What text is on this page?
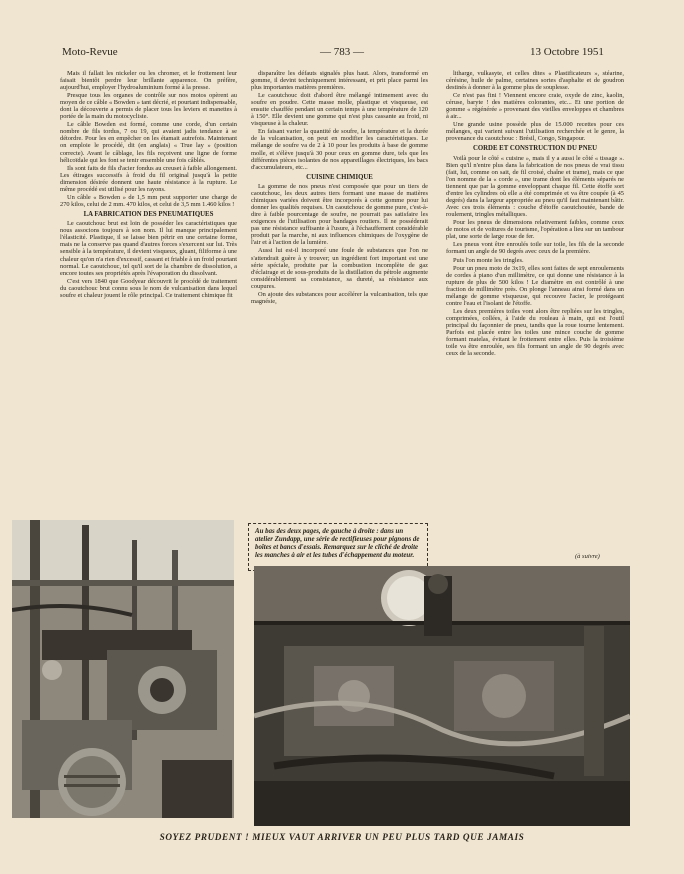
Moto-Revue	— 783 —	13 Octobre 1951

Mais il fallait les nickeler ou les chromer, et le frottement leur faisait bientôt perdre leur brillante apparence. On préfère, aujourd'hui, employer l'hydroaluminium formé à la presse.

Presque tous les organes de contrôle sur nos motos opèrent au moyen de ce câble « Bowden » tant décrié, et pourtant indispensable, dont la découverte a permis de placer tous les leviers et manettes à portée de la main du motocycliste.

Le câble Bowden est formé, comme une corde, d'un certain nombre de fils tordus, 7 ou 19, qui avaient jadis tendance à se détordre. Pour les en empêcher on les étamait autrefois. Maintenant on emploie le procédé, dit (en anglais) « True lay » (position correcte). Avant le câblage, les fils reçoivent une ligne de forme hélicoïdale qui les font se tenir ensemble une fois câblés.

Ils sont faits de fils d'acier fondus au creuset à faible allongement. Les étirages successifs à froid du fil original jusqu'à la petite dimension désirée donnent une haute résistance à la rupture. Le même procédé est utilisé pour les rayons.

Un câble « Bowden » de 1,5 mm peut supporter une charge de 270 kilos, celui de 2 mm. 470 kilos, et celui de 3,5 mm 1.460 kilos !

LA FABRICATION DES PNEUMATIQUES

Le caoutchouc brut est loin de posséder les caractéristiques que nous associons toujours à son nom. Il lui manque principalement l'élasticité. Plastique, il se laisse bien pétrir en une certaine forme, mais ne la conserve pas quand d'autres forces s'exercent sur lui. Très sensible à la température, il devient visqueux, gluant, filiforme à une chaleur qu'on n'a rien d'excessif, cassant et friable à un froid pourtant normal. Le caoutchouc, tel qu'il sort de la chambre de dissolution, a encore toutes ses propriétés après l'évaporation du dissolvant.

C'est vers 1840 que Goodyear découvrit le procédé de traitement du caoutchouc brut connu sous le nom de vulcanisation dans lequel soufre et chaleur jouent le rôle principal. Ce traitement chimique fit

disparaître les défauts signalés plus haut. Alors, transformé en gomme, il devint techniquement intéressant, et prit place parmi les plus importantes matières premières.

Le caoutchouc doit d'abord être mélangé intimement avec du soufre en poudre. Cette masse molle, plastique et visqueuse, est ensuite chauffée pendant un certain temps à une température de 120 à 150°. Elle devient une gomme qui n'est plus cassante au froid, ni visqueuse à la chaleur.

En faisant varier la quantité de soufre, la température et la durée de la vulcanisation, on peut en modifier les caractéristiques. Le mélange de soufre va de 2 à 10 pour les produits à base de gomme molle, et s'élève jusqu'à 30 pour ceux en gomme dure, tels que les différentes pièces isolantes de nos appareillages électriques, les bacs d'accumulateurs, etc...

CUISINE CHIMIQUE

La gomme de nos pneus n'est composée que pour un tiers de caoutchouc, les deux autres tiers formant une masse de matières chimiques variées doivent être incorporés à cette gomme pour lui donner les qualités requises. Un caoutchouc de gomme pure, c'est-à-dire à faible pourcentage de soufre, ne pourrait pas satisfaire les exigences de l'utilisation pour bandages routiers. Il ne posséderait pas une résistance suffisante à l'usure, à l'échauffement considérable produit par la marche, ni aux influences chimiques de l'oxygène de l'air et à l'action de la lumière.

Aussi lui est-il incorporé une foule de substances que l'on ne s'attendrait guère à y trouver; un ingrédient fort important est une série spéciale, produite par la combustion incomplète de gaz d'éclairage et de sous-produits de la distillation du pétrole augmente considérablement sa consistance, sa dureté, sa résistance aux coupures.

On ajoute des substances pour accélérer la vulcanisation, tels que magnésie,

litharge, vulkasyte, et celles dites « Plastificateurs », stéarine, cérésine, huile de palme, certaines sortes d'asphalte et de goudron destinés à donner à la gomme plus de souplesse.

Ce n'est pas fini ! Viennent encore craie, oxyde de zinc, kaolin, céruse, baryte ! des matières colorantes, etc... Et une portion de gomme « régénérée » provenant des vieilles enveloppes et chambres à air...

Une grande usine possède plus de 15.000 recettes pour ces mélanges, qui varient suivant l'utilisation recherchée et le genre, la provenance du caoutchouc : Brésil, Congo, Singapour.

CORDE ET CONSTRUCTION DU PNEU

Voilà pour le côté « cuisine », mais il y a aussi le côté « tissage ». Bien qu'il n'entre plus dans la fabrication de nos pneus de vrai tissu (fait, lui, comme on sait, de fil croisé, chaîne et trame), mais ce que l'on nomme de la « corde », une trame dont les éléments séparés ne tiennent que par la gomme enveloppant chaque fil. Cette étoffe sort d'entre les cylindres où elle a été comprimée et va être coupée (à 45 degrés) dans la largeur appropriée au pneu qu'il faut maintenant bâtir. Avec ces trois éléments : couche d'étoffe caoutchoutée, bande de roulement, tringles métalliques.

Pour les pneus de dimensions relativement faibles, comme ceux de motos et de voitures de tourisme, l'opération a lieu sur un tambour plat, une sorte de large roue de fer.

Les pneus vont être enroulés toile sur toile, les fils de la seconde formant un angle de 90 degrés avec ceux de la première.

Puis l'on monte les tringles.

Pour un pneu moto de 3x19, elles sont faites de sept enroulements de cordes à piano d'un millimètre, ce qui donne une résistance à la rupture de plus de 500 kilos ! Le diamètre en est contrôlé à une fraction de millimètre près. On plonge l'anneau ainsi formé dans un mélange de gomme visqueuse, qui recouvre l'acier, le protégeant contre l'eau et l'isolant de l'étoffe.

Les deux premières toiles vont alors être repliées sur les tringles, comprimées, collées, à l'aide du rouleau à main, qui est l'outil principal du façonnier de pneu, tandis que la roue tourne lentement. Parfois est placée entre les toiles une mince couche de gomme formant matelas, évitant le frottement entre elles. Puis la troisième toile va être enroulée, ses fils formant un angle de 90 degrés avec ceux de la seconde.

(à suivre)
Au bas des deux pages, de gauche à droite : dans un atelier Zundapp, une série de rectifieuses pour pignons de boîtes et bancs d'essais. Remarquez sur le cliché de droite les manches à air et les tubes d'échappement du moteur.
SOYEZ PRUDENT ! MIEUX VAUT ARRIVER UN PEU PLUS TARD QUE JAMAIS
